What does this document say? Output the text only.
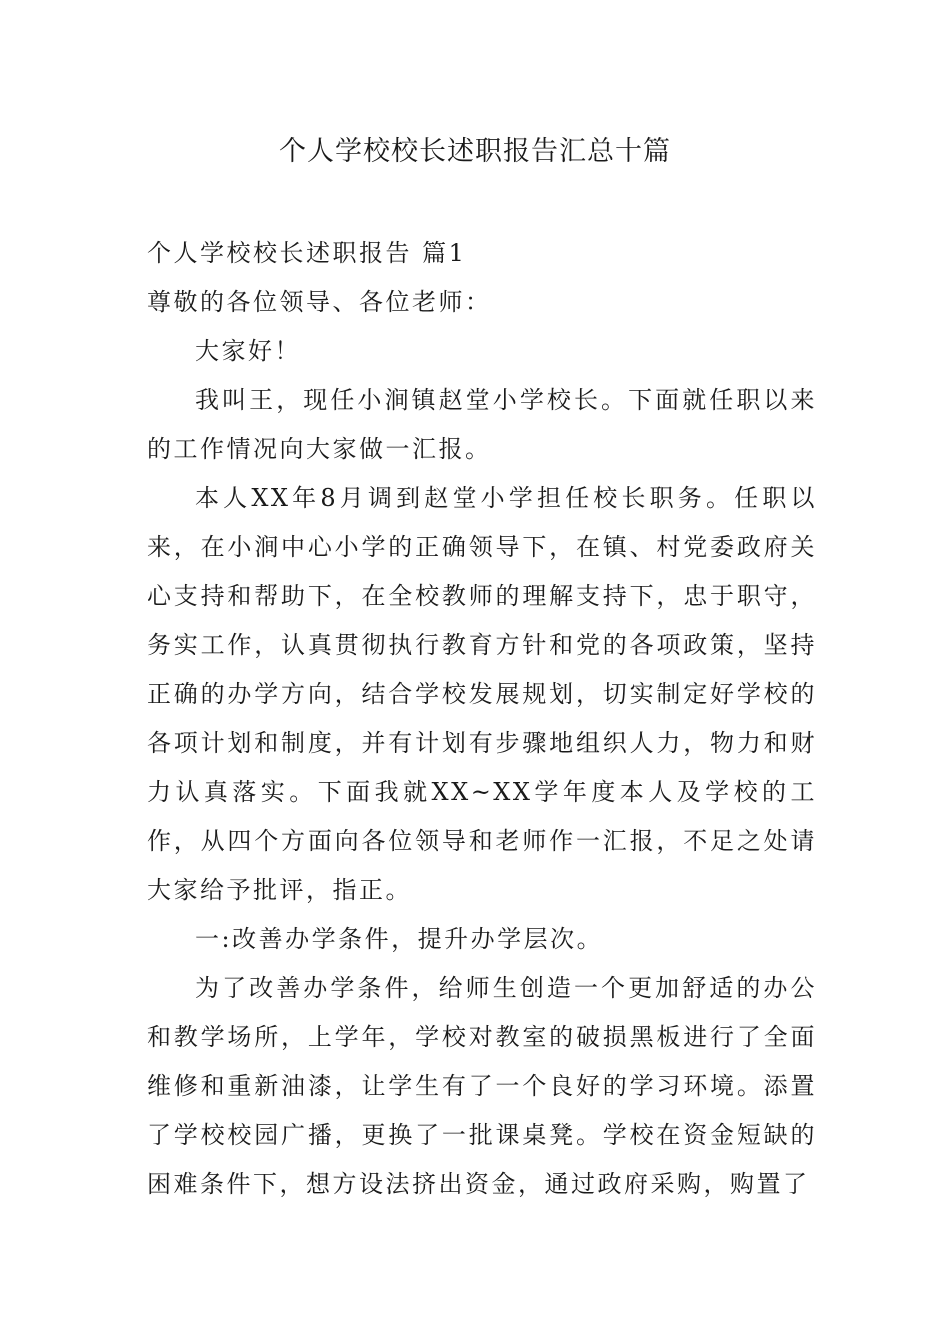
个人学校校长述职报告汇总十篇

个人学校校长述职报告 篇1

尊敬的各位领导、各位老师：

大家好！

我叫王，现任小涧镇赵堂小学校长。下面就任职以来的工作情况向大家做一汇报。

本人XX年8月调到赵堂小学担任校长职务。任职以来，在小涧中心小学的正确领导下，在镇、村党委政府关心支持和帮助下，在全校教师的理解支持下，忠于职守，务实工作，认真贯彻执行教育方针和党的各项政策，坚持正确的办学方向，结合学校发展规划，切实制定好学校的各项计划和制度，并有计划有步骤地组织人力，物力和财力认真落实。下面我就XX~XX学年度本人及学校的工作，从四个方面向各位领导和老师作一汇报，不足之处请大家给予批评，指正。

一:改善办学条件，提升办学层次。

为了改善办学条件，给师生创造一个更加舒适的办公和教学场所，上学年，学校对教室的破损黑板进行了全面维修和重新油漆，让学生有了一个良好的学习环境。添置了学校校园广播，更换了一批课桌凳。学校在资金短缺的困难条件下，想方设法挤出资金，通过政府采购，购置了
